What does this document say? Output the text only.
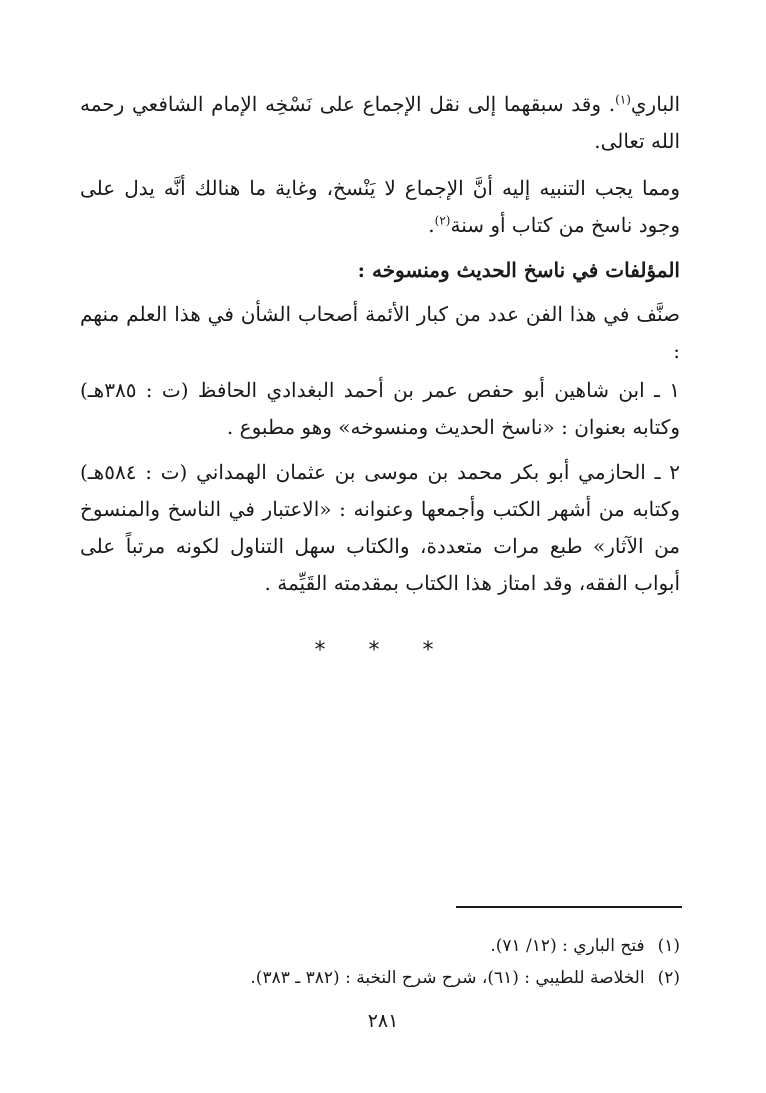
الباري$^{(١)}$. وقد سبقهما إلى نقل الإجماع على نَسْخِه الإمام الشافعي رحمه الله تعالى.

ومما يجب التنبيه إليه أنَّ الإجماع لا يَنْسخ، وغاية ما هنالك أنَّه يدل على وجود ناسخ من كتاب أو سنة$^{(٢)}$.

المؤلفات في ناسخ الحديث ومنسوخه :

صنَّف في هذا الفن عدد من كبار الأئمة أصحاب الشأن في هذا العلم منهم :

١ ـ ابن شاهين أبو حفص عمر بن أحمد البغدادي الحافظ (ت : ٣٨٥هـ) وكتابه بعنوان : «ناسخ الحديث ومنسوخه» وهو مطبوع .

٢ ـ الحازمي أبو بكر محمد بن موسى بن عثمان الهمداني (ت : ٥٨٤هـ) وكتابه من أشهر الكتب وأجمعها وعنوانه : «الاعتبار في الناسخ والمنسوخ من الآثار» طبع مرات متعددة، والكتاب سهل التناول لكونه مرتباً على أبواب الفقه، وقد امتاز هذا الكتاب بمقدمته القَيِّمة .

* * *
(١) فتح الباري : (١٢/ ٧١).
(٢) الخلاصة للطيبي : (٦١)، شرح شرح النخبة : (٣٨٢ ـ ٣٨٣).
٢٨١
